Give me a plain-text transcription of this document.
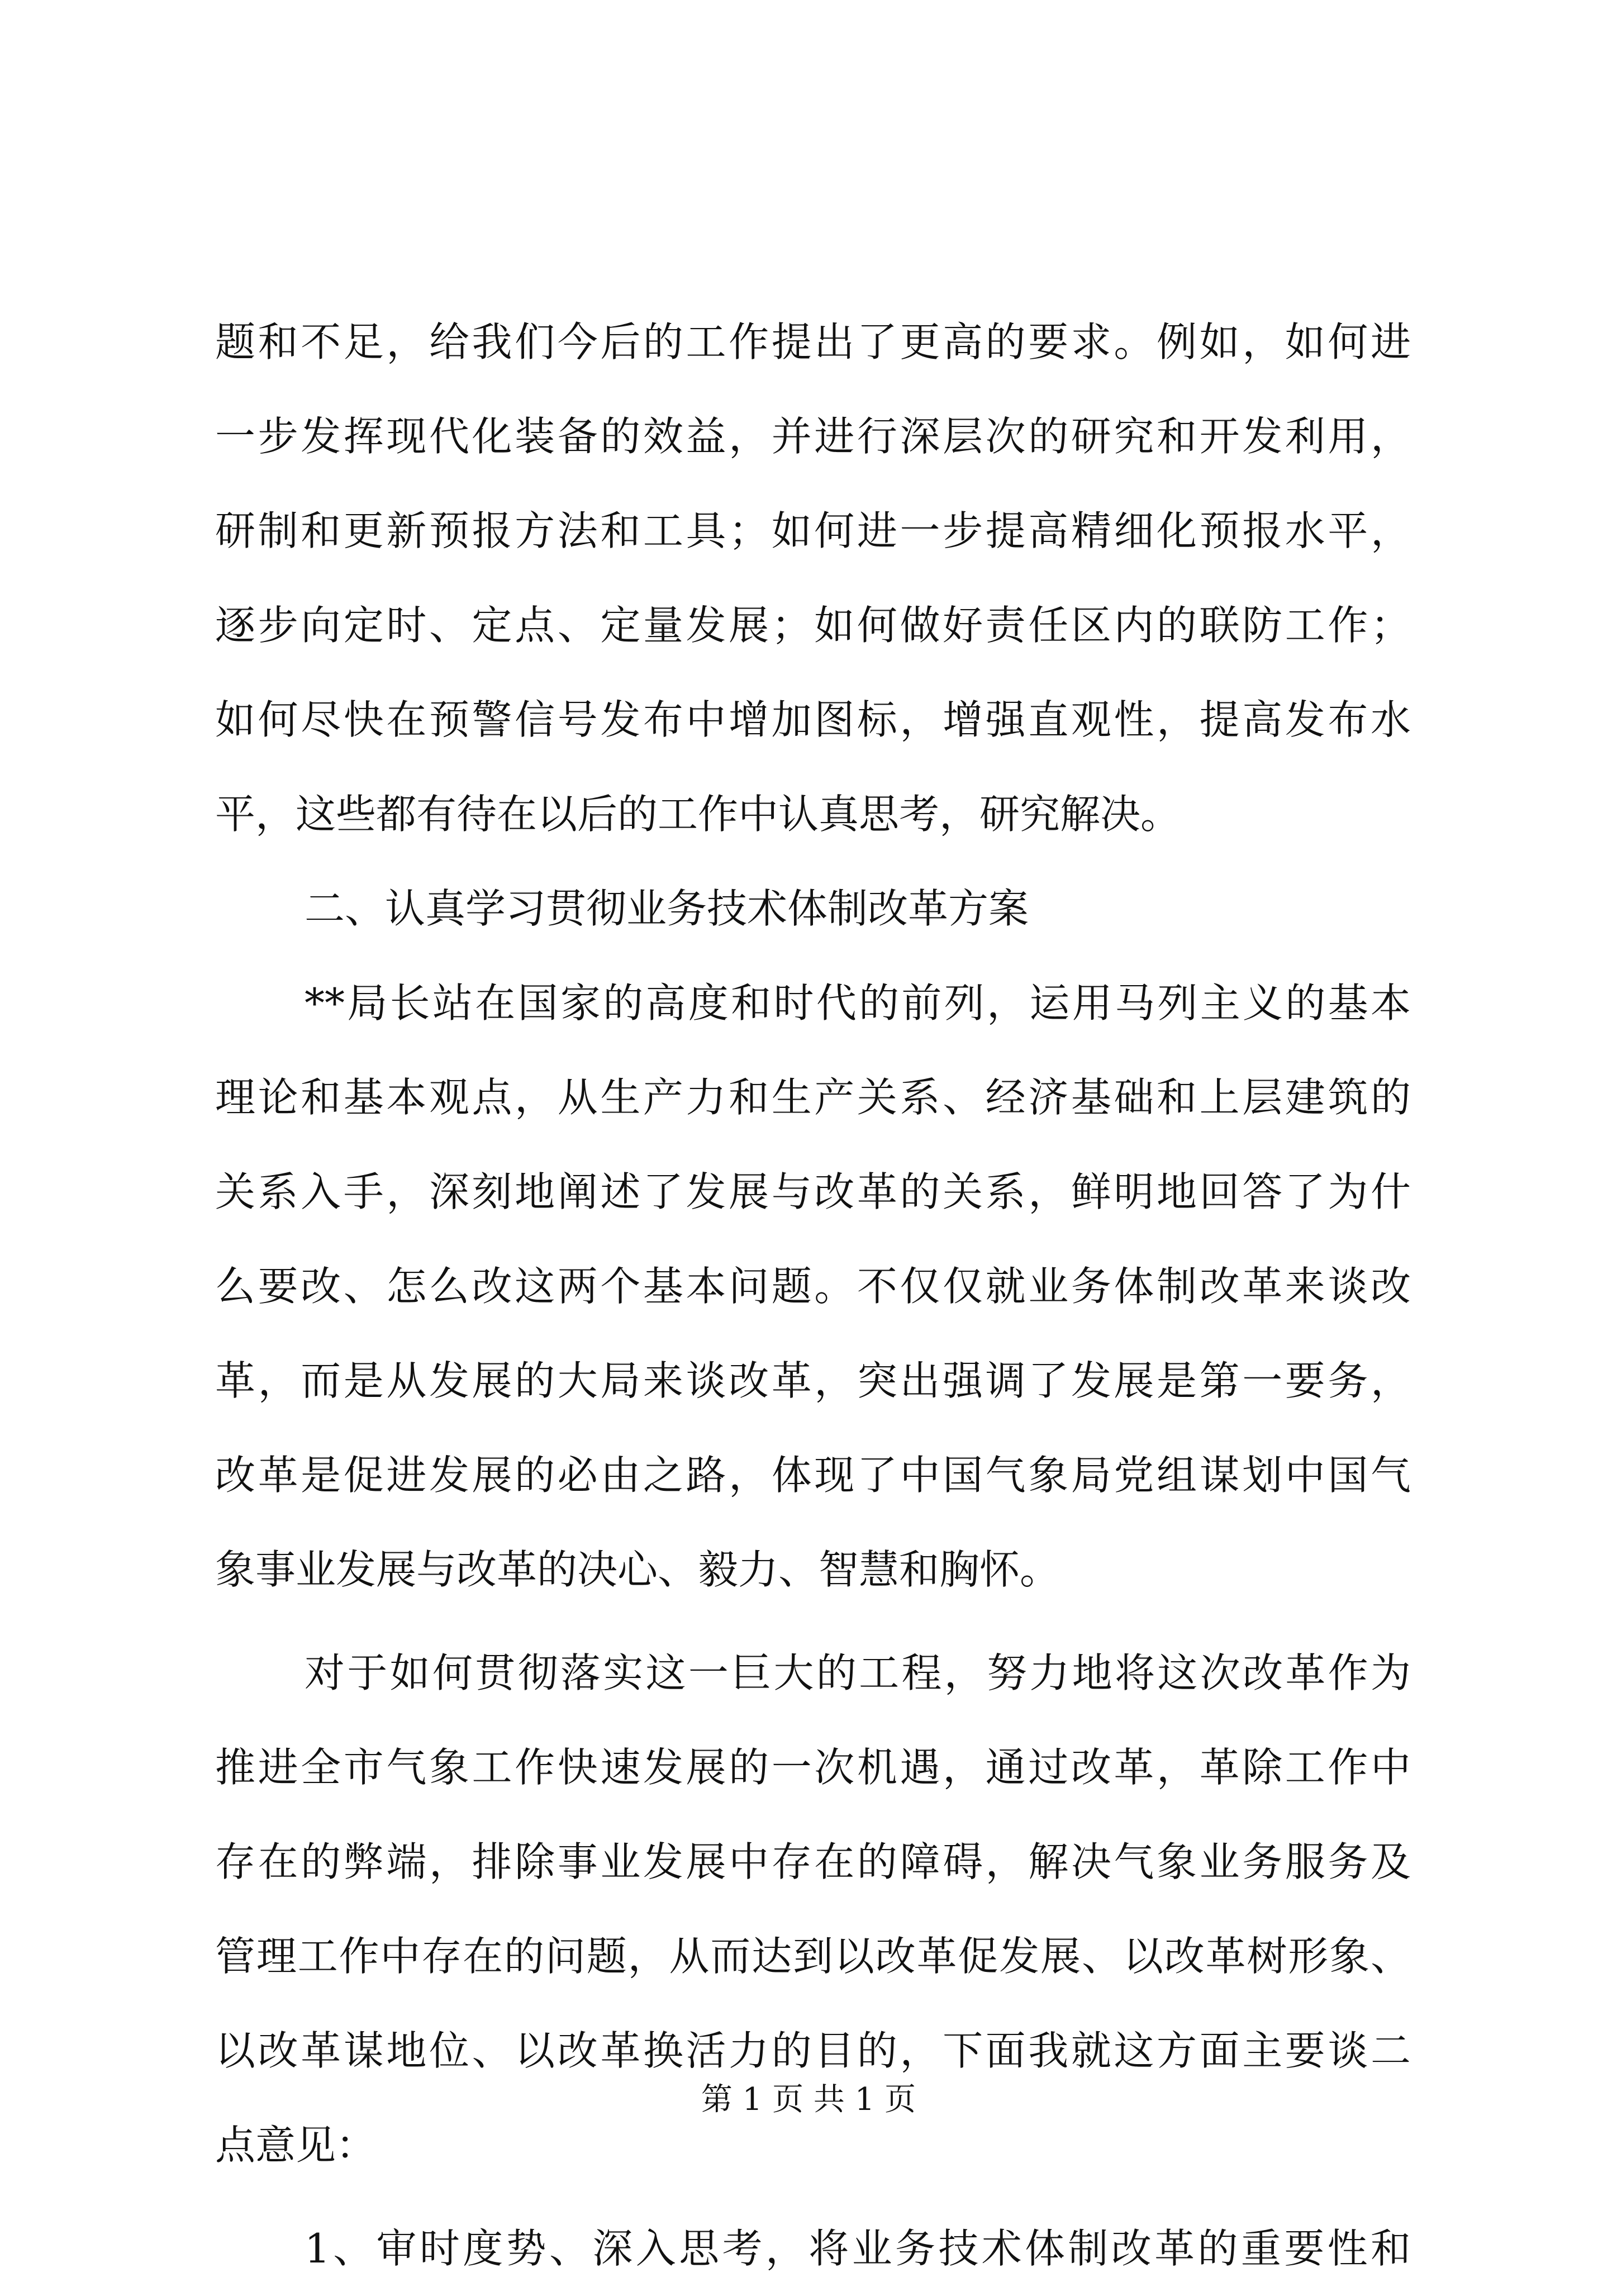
题和不足，给我们今后的工作提出了更高的要求。例如，如何进
一步发挥现代化装备的效益，并进行深层次的研究和开发利用，
研制和更新预报方法和工具；如何进一步提高精细化预报水平，
逐步向定时、定点、定量发展；如何做好责任区内的联防工作；
如何尽快在预警信号发布中增加图标，增强直观性，提高发布水
平，这些都有待在以后的工作中认真思考，研究解决。
二、认真学习贯彻业务技术体制改革方案
**局长站在国家的高度和时代的前列，运用马列主义的基本
理论和基本观点，从生产力和生产关系、经济基础和上层建筑的
关系入手，深刻地阐述了发展与改革的关系，鲜明地回答了为什
么要改、怎么改这两个基本问题。不仅仅就业务体制改革来谈改
革，而是从发展的大局来谈改革，突出强调了发展是第一要务，
改革是促进发展的必由之路，体现了中国气象局党组谋划中国气
象事业发展与改革的决心、毅力、智慧和胸怀。
对于如何贯彻落实这一巨大的工程，努力地将这次改革作为
推进全市气象工作快速发展的一次机遇，通过改革，革除工作中
存在的弊端，排除事业发展中存在的障碍，解决气象业务服务及
管理工作中存在的问题，从而达到以改革促发展、以改革树形象、
以改革谋地位、以改革换活力的目的，下面我就这方面主要谈二
点意见：
1、审时度势、深入思考，将业务技术体制改革的重要性和
第 1 页 共 1 页
